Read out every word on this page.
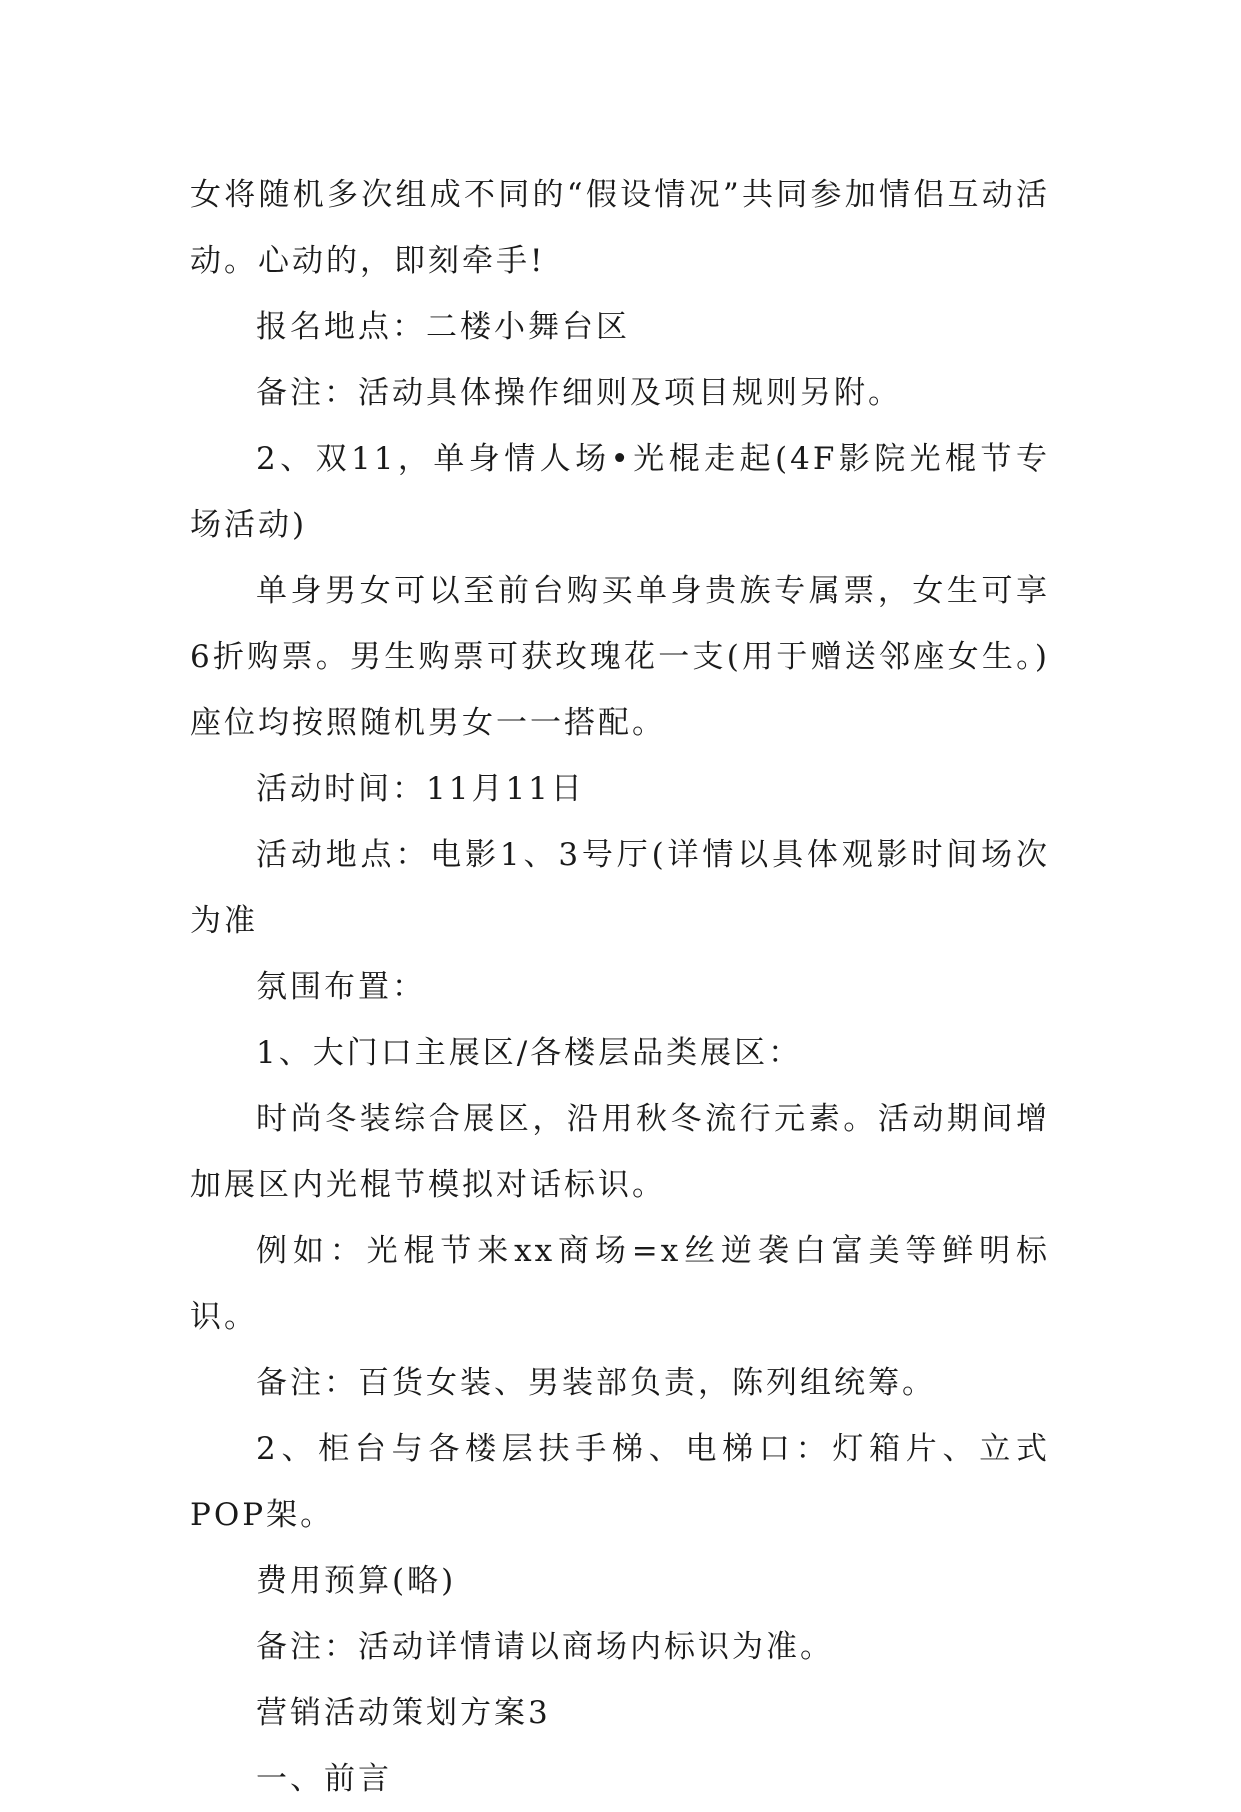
女将随机多次组成不同的“假设情况”共同参加情侣互动活动。心动的，即刻牵手!

报名地点：二楼小舞台区

备注：活动具体操作细则及项目规则另附。

2、双11，单身情人场•光棍走起(4F影院光棍节专场活动)

单身男女可以至前台购买单身贵族专属票，女生可享6折购票。男生购票可获玫瑰花一支(用于赠送邻座女生。)座位均按照随机男女一一搭配。

活动时间：11月11日

活动地点：电影1、3号厅(详情以具体观影时间场次为准

氛围布置：

1、大门口主展区/各楼层品类展区：

时尚冬装综合展区，沿用秋冬流行元素。活动期间增加展区内光棍节模拟对话标识。

例如：光棍节来xx商场=x丝逆袭白富美等鲜明标识。

备注：百货女装、男装部负责，陈列组统筹。

2、柜台与各楼层扶手梯、电梯口：灯箱片、立式POP架。

费用预算(略)

备注：活动详情请以商场内标识为准。

营销活动策划方案3

一、前言
